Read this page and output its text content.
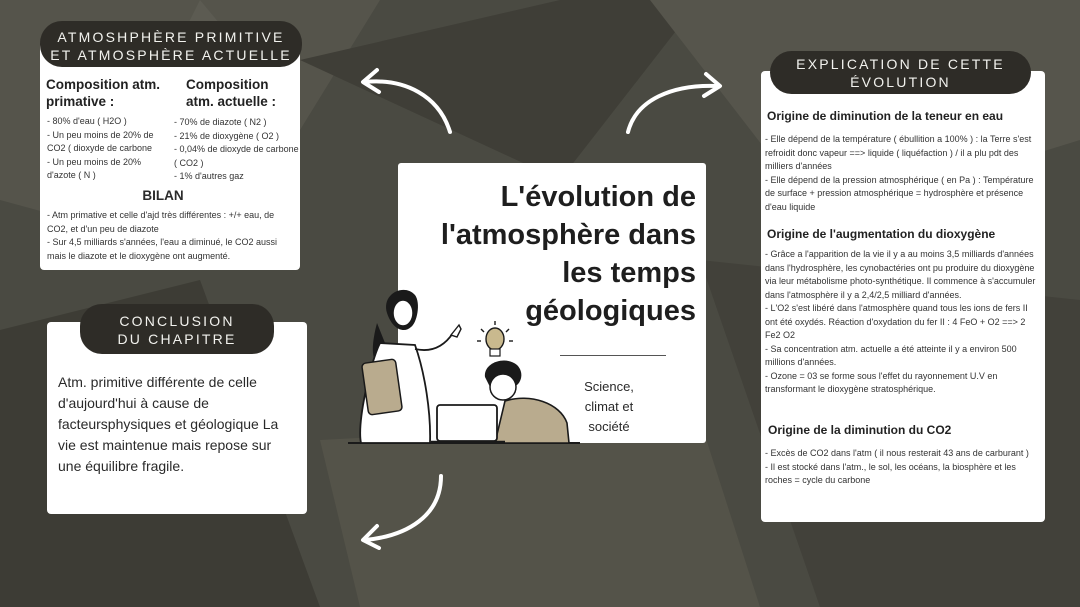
ATMOSHPHÈRE PRIMITIVE ET ATMOSPHÈRE ACTUELLE
Composition atm. primative :
Composition atm. actuelle :
- 80% d'eau ( H2O )
- Un peu moins de 20% de CO2 ( dioxyde de carbone
- Un peu moins de 20% d'azote ( N )
- 70% de diazote ( N2 )
- 21% de dioxygène ( O2 )
- 0,04% de dioxyde de carbone ( CO2 )
- 1% d'autres gaz
BILAN
- Atm primative et celle d'ajd très différentes : +/+ eau, de CO2, et d'un peu de diazote
- Sur 4,5 milliards s'années, l'eau a diminué, le CO2 aussi mais le diazote et le dioxygène ont augmenté.
CONCLUSION
DU CHAPITRE
Atm. primitive différente de celle d'aujourd'hui à cause de facteursphysiques et géologique La vie est maintenue mais repose sur une équilibre fragile.
L'évolution de l'atmosphère dans les temps géologiques
Science, climat et société
EXPLICATION DE CETTE ÉVOLUTION
Origine de diminution de la teneur en eau
- Elle dépend de la température ( ébullition a 100% ) : la Terre s'est refroidit donc vapeur ==> liquide ( liquéfaction ) / il a plu pdt des milliers d'années
- Elle dépend de la pression atmosphérique ( en Pa ) : Température de surface + pression atmosphérique = hydrosphère et présence d'eau liquide
Origine de l'augmentation du dioxygène
- Grâce a l'apparition de la vie il y a au moins 3,5 milliards d'années dans l'hydrosphère, les cynobactéries ont pu produire du dioxygène via leur métabolisme photo-synthétique. Il commence à s'accumuler dans l'atmosphère il y a 2,4/2,5 milliard d'années.
- L'O2 s'est libéré dans l'atmosphère quand tous les ions de fers II ont été oxydés. Réaction d'oxydation du fer II : 4 FeO + O2 ==> 2 Fe2 O2
- Sa concentration atm. actuelle a été atteinte il y a environ 500 millions d'années.
- Ozone = 03 se forme sous l'effet du rayonnement U.V en transformant le dioxygène stratosphérique.
Origine de la diminution du CO2
- Excès de CO2 dans l'atm ( il nous resterait 43 ans de carburant )
- Il est stocké dans l'atm., le sol, les océans, la biosphère et les roches = cycle du carbone
